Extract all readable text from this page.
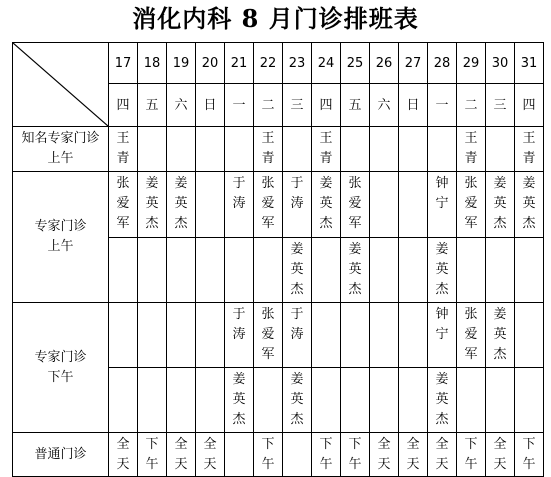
消化内科 8 月门诊排班表
	17	18	19	20	21	22	23	24	25	26	27	28	29	30	31
	四	五	六	日	一	二	三	四	五	六	日	一	二	三	四

知名专家门诊
上午	王青					王青		王青					王青		王青

专家门诊
上午	张爱军	姜英杰	姜英杰		于涛	张爱军	于涛	姜英杰	张爱军			钟宁	张爱军	姜英杰	姜英杰

							姜英杰		姜英杰			姜英杰			

专家门诊
下午					于涛	张爱军	于涛					钟宁	张爱军	姜英杰	

					姜英杰		姜英杰					姜英杰			

普通门诊	全天	下午	全天	全天		下午		下午	下午	全天	全天	全天	下午	全天	下午
